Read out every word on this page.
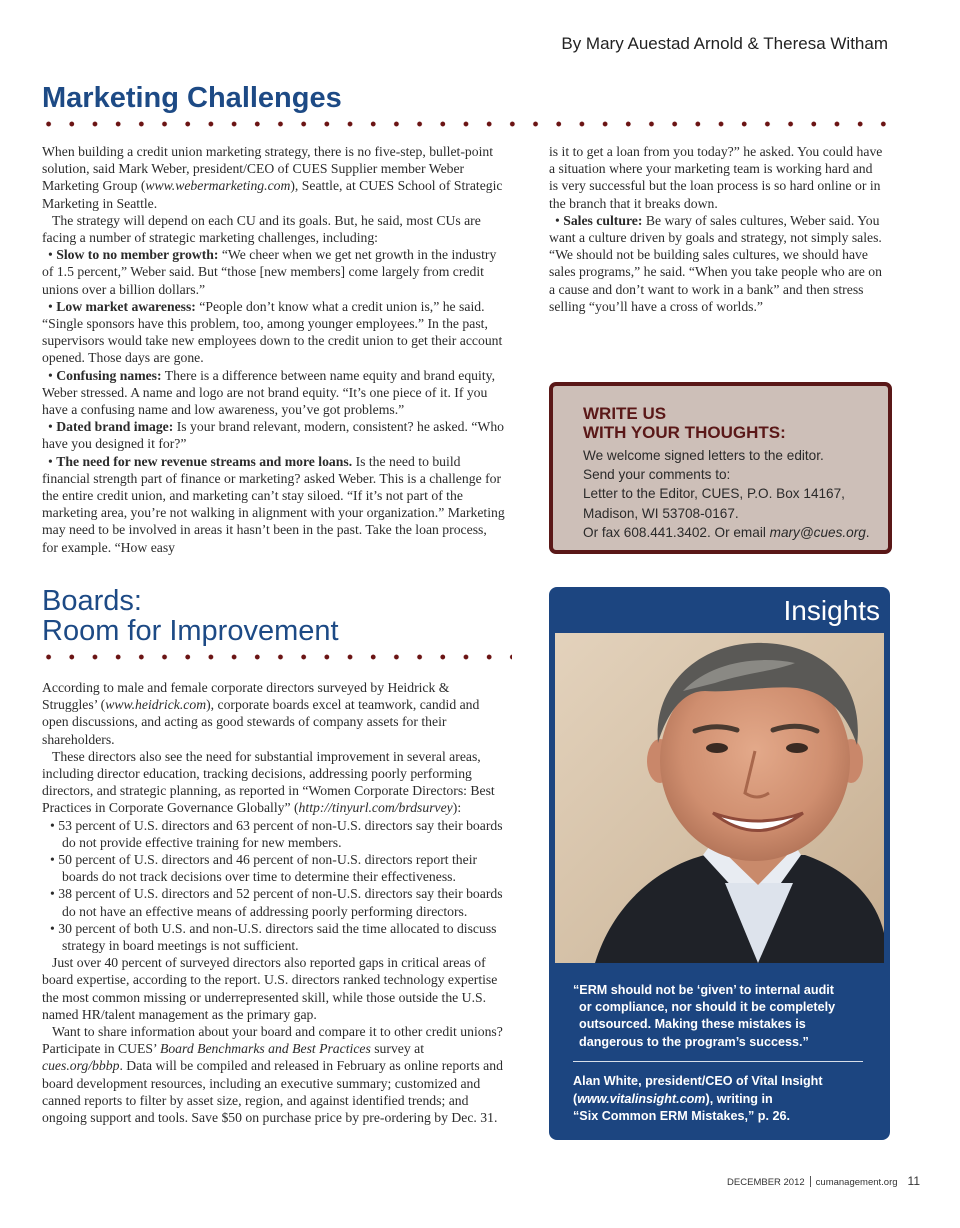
By Mary Auestad Arnold & Theresa Witham
Marketing Challenges

When building a credit union marketing strategy, there is no five-step, bullet-point solution, said Mark Weber, president/CEO of CUES Supplier member Weber Marketing Group (www.webermarketing.com), Seattle, at CUES School of Strategic Marketing in Seattle.

The strategy will depend on each CU and its goals. But, he said, most CUs are facing a number of strategic marketing challenges, including:

• Slow to no member growth: “We cheer when we get net growth in the industry of 1.5 percent,” Weber said. But “those [new members] come largely from credit unions over a billion dollars.”

• Low market awareness: “People don’t know what a credit union is,” he said. “Single sponsors have this problem, too, among younger employees.” In the past, supervisors would take new employees down to the credit union to get their account opened. Those days are gone.

• Confusing names: There is a difference between name equity and brand equity, Weber stressed. A name and logo are not brand equity. “It’s one piece of it. If you have a confusing name and low awareness, you’ve got problems.”

• Dated brand image: Is your brand relevant, modern, consistent? he asked. “Who have you designed it for?”

• The need for new revenue streams and more loans. Is the need to build financial strength part of finance or marketing? asked Weber. This is a challenge for the entire credit union, and marketing can’t stay siloed. “If it’s not part of the marketing area, you’re not walking in alignment with your organization.” Marketing may need to be involved in areas it hasn’t been in the past. Take the loan process, for example. “How easy

is it to get a loan from you today?” he asked. You could have a situation where your marketing team is working hard and is very successful but the loan process is so hard online or in the branch that it breaks down.

• Sales culture: Be wary of sales cultures, Weber said. You want a culture driven by goals and strategy, not simply sales. “We should not be building sales cultures, we should have sales programs,” he said. “When you take people who are on a cause and don’t want to work in a bank” and then stress selling “you’ll have a cross of worlds.”

WRITE US
WITH YOUR THOUGHTS:
We welcome signed letters to the editor.
Send your comments to:
Letter to the Editor, CUES, P.O. Box 14167,
Madison, WI 53708-0167.
Or fax 608.441.3402. Or email mary@cues.org.
Boards:
Room for Improvement

According to male and female corporate directors surveyed by Heidrick & Struggles’ (www.heidrick.com), corporate boards excel at teamwork, candid and open discussions, and acting as good stewards of company assets for their shareholders.

These directors also see the need for substantial improvement in several areas, including director education, tracking decisions, addressing poorly performing directors, and strategic planning, as reported in “Women Corporate Directors: Best Practices in Corporate Governance Globally” (http://tinyurl.com/brdsurvey):

• 53 percent of U.S. directors and 63 percent of non-U.S. directors say their boards do not provide effective training for new members.
• 50 percent of U.S. directors and 46 percent of non-U.S. directors report their boards do not track decisions over time to determine their effectiveness.
• 38 percent of U.S. directors and 52 percent of non-U.S. directors say their boards do not have an effective means of addressing poorly performing directors.
• 30 percent of both U.S. and non-U.S. directors said the time allocated to discuss strategy in board meetings is not sufficient.

Just over 40 percent of surveyed directors also reported gaps in critical areas of board expertise, according to the report. U.S. directors ranked technology expertise the most common missing or underrepresented skill, while those outside the U.S. named HR/talent management as the primary gap.

Want to share information about your board and compare it to other credit unions? Participate in CUES’ Board Benchmarks and Best Practices survey at cues.org/bbbp. Data will be compiled and released in February as online reports and board development resources, including an executive summary; customized and canned reports to filter by asset size, region, and against identified trends; and ongoing support and tools. Save $50 on purchase price by pre-ordering by Dec. 31.

Insights
“ERM should not be ‘given’ to internal audit
or compliance, nor should it be completely outsourced. Making these mistakes is dangerous to the program’s success.”
Alan White, president/CEO of Vital Insight
(www.vitalinsight.com), writing in
“Six Common ERM Mistakes,” p. 26.
DECEMBER 2012 cumanagement.org 11
